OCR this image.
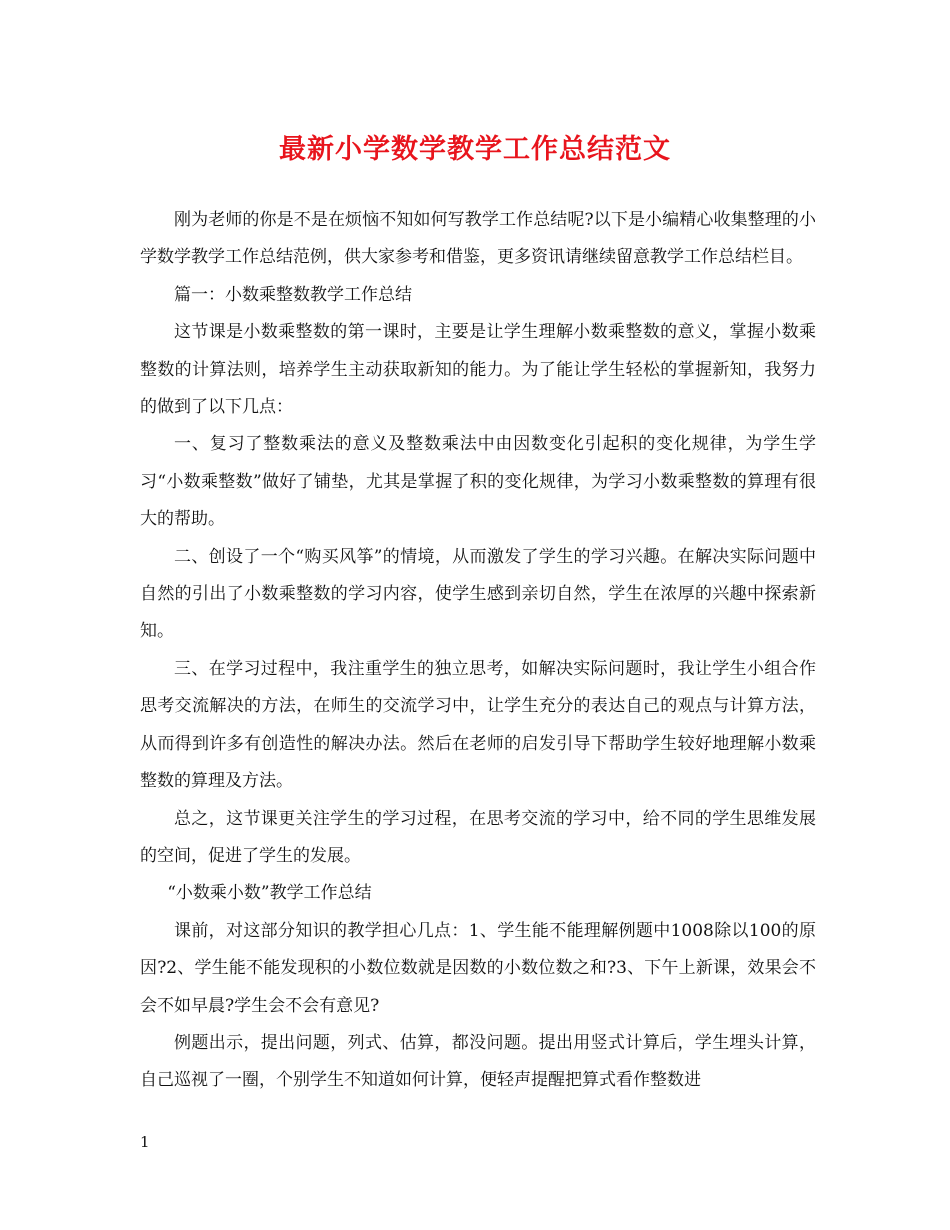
最新小学数学教学工作总结范文

刚为老师的你是不是在烦恼不知如何写教学工作总结呢?以下是小编精心收集整理的小学数学教学工作总结范例，供大家参考和借鉴，更多资讯请继续留意教学工作总结栏目。

篇一：小数乘整数教学工作总结

这节课是小数乘整数的第一课时，主要是让学生理解小数乘整数的意义，掌握小数乘整数的计算法则，培养学生主动获取新知的能力。为了能让学生轻松的掌握新知，我努力的做到了以下几点：

一、复习了整数乘法的意义及整数乘法中由因数变化引起积的变化规律，为学生学习“小数乘整数”做好了铺垫，尤其是掌握了积的变化规律，为学习小数乘整数的算理有很大的帮助。

二、创设了一个“购买风筝”的情境，从而激发了学生的学习兴趣。在解决实际问题中自然的引出了小数乘整数的学习内容，使学生感到亲切自然，学生在浓厚的兴趣中探索新知。

三、在学习过程中，我注重学生的独立思考，如解决实际问题时，我让学生小组合作思考交流解决的方法，在师生的交流学习中，让学生充分的表达自己的观点与计算方法，从而得到许多有创造性的解决办法。然后在老师的启发引导下帮助学生较好地理解小数乘整数的算理及方法。

总之，这节课更关注学生的学习过程，在思考交流的学习中，给不同的学生思维发展的空间，促进了学生的发展。

“小数乘小数”教学工作总结

课前，对这部分知识的教学担心几点：1、学生能不能理解例题中1008除以100的原因?2、学生能不能发现积的小数位数就是因数的小数位数之和?3、下午上新课，效果会不会不如早晨?学生会不会有意见?

例题出示，提出问题，列式、估算，都没问题。提出用竖式计算后，学生埋头计算，自己巡视了一圈，个别学生不知道如何计算，便轻声提醒把算式看作整数进

1
